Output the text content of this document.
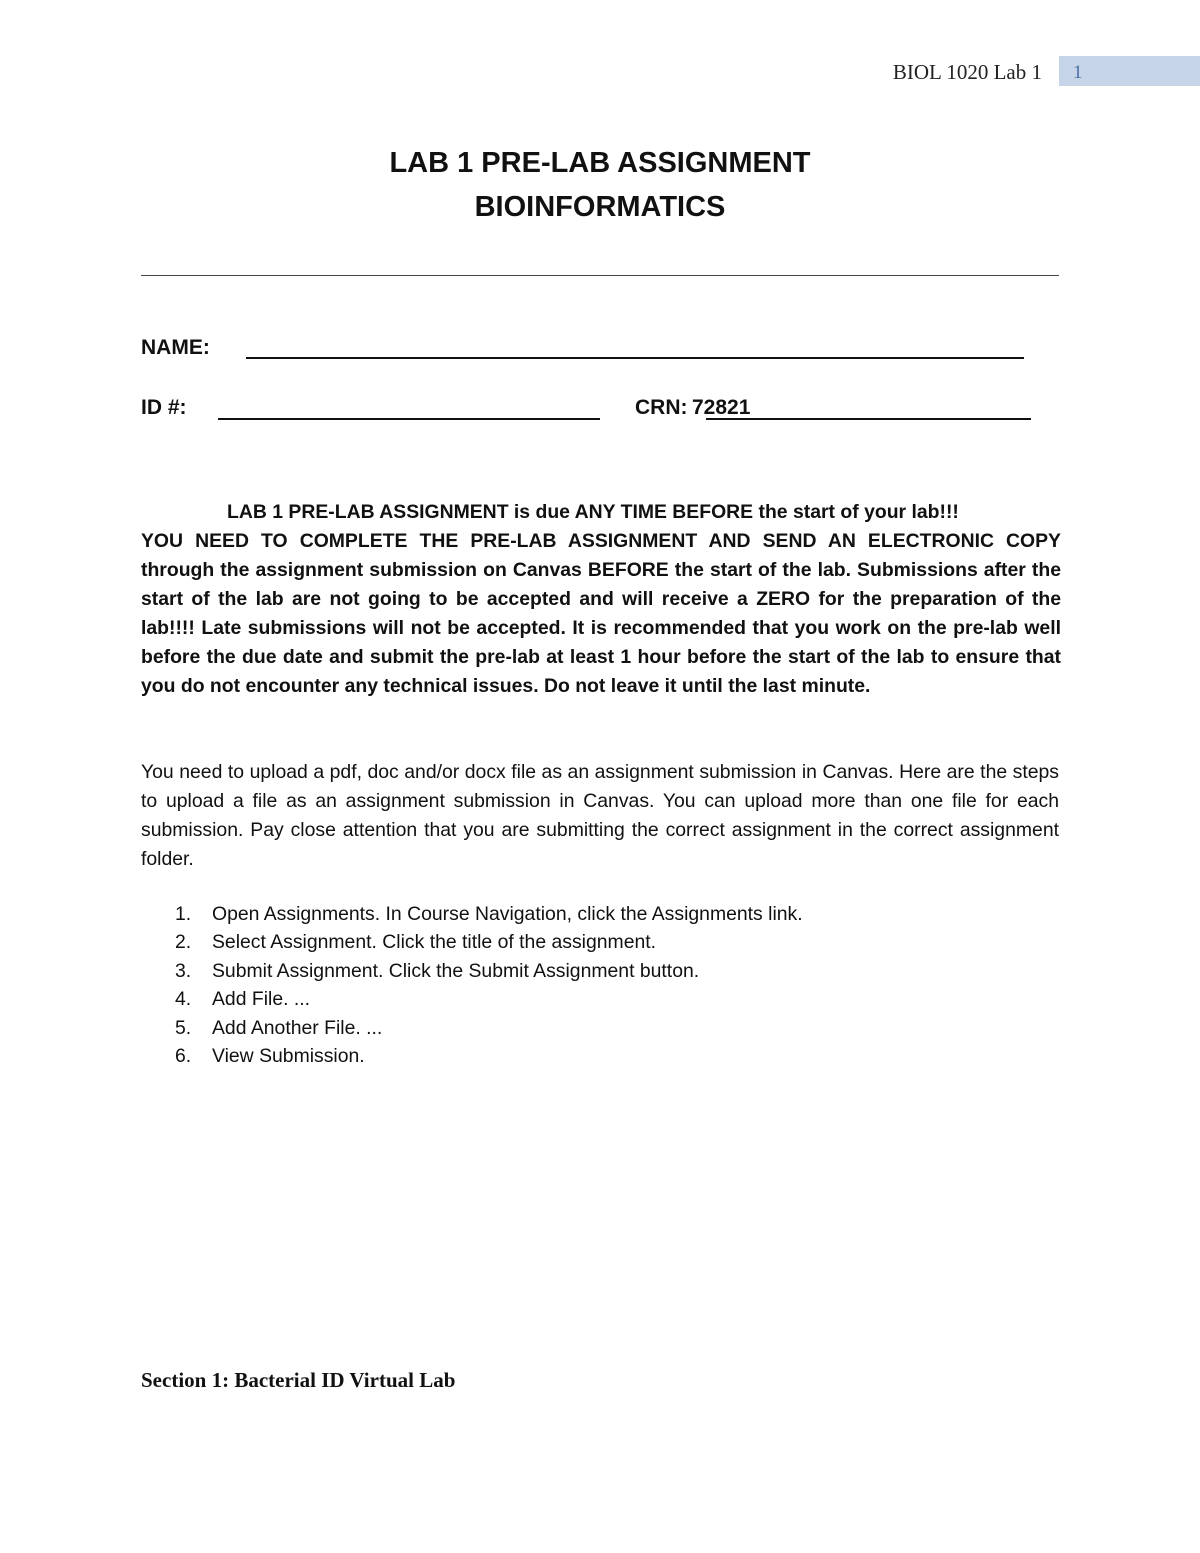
BIOL 1020 Lab 1 1
LAB 1 PRE-LAB ASSIGNMENT
BIOINFORMATICS
NAME:
ID #:	CRN: 72821
LAB 1 PRE-LAB ASSIGNMENT is due ANY TIME BEFORE the start of your lab!!!
YOU NEED TO COMPLETE THE PRE-LAB ASSIGNMENT AND SEND AN ELECTRONIC COPY through the assignment submission on Canvas BEFORE the start of the lab. Submissions after the start of the lab are not going to be accepted and will receive a ZERO for the preparation of the lab!!!! Late submissions will not be accepted. It is recommended that you work on the pre-lab well before the due date and submit the pre-lab at least 1 hour before the start of the lab to ensure that you do not encounter any technical issues. Do not leave it until the last minute.
You need to upload a pdf, doc and/or docx file as an assignment submission in Canvas. Here are the steps to upload a file as an assignment submission in Canvas. You can upload more than one file for each submission. Pay close attention that you are submitting the correct assignment in the correct assignment folder.
1. Open Assignments. In Course Navigation, click the Assignments link.
2. Select Assignment. Click the title of the assignment.
3. Submit Assignment. Click the Submit Assignment button.
4. Add File. ...
5. Add Another File. ...
6. View Submission.
Section 1: Bacterial ID Virtual Lab
